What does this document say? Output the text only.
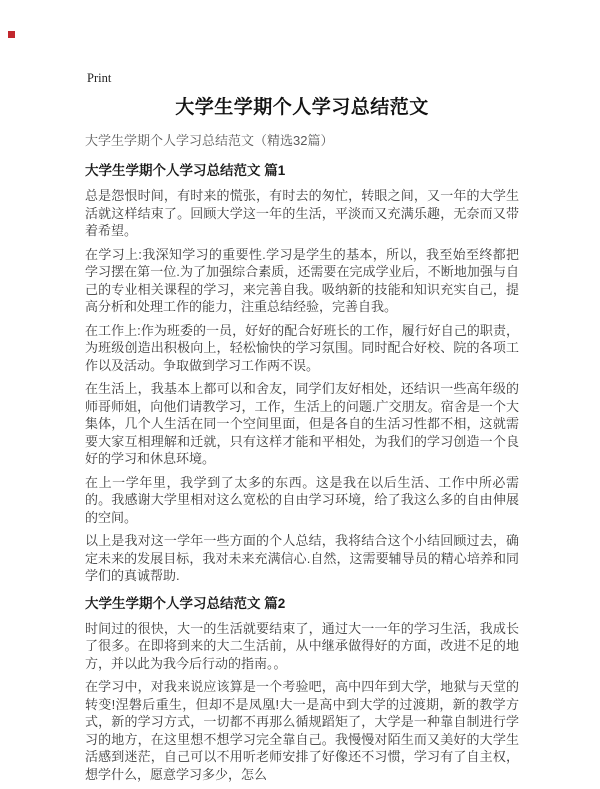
Print
大学生学期个人学习总结范文
大学生学期个人学习总结范文（精选32篇）
大学生学期个人学习总结范文 篇1

总是怨恨时间，有时来的慌张，有时去的匆忙，转眼之间，又一年的大学生活就这样结束了。回顾大学这一年的生活，平淡而又充满乐趣，无奈而又带着希望。

在学习上:我深知学习的重要性.学习是学生的基本，所以，我至始至终都把学习摆在第一位.为了加强综合素质，还需要在完成学业后，不断地加强与自己的专业相关课程的学习，来完善自我。吸纳新的技能和知识充实自己，提高分析和处理工作的能力，注重总结经验，完善自我。

在工作上:作为班委的一员，好好的配合好班长的工作，履行好自己的职责，为班级创造出积极向上，轻松愉快的学习氛围。同时配合好校、院的各项工作以及活动。争取做到学习工作两不误。

在生活上，我基本上都可以和舍友，同学们友好相处，还结识一些高年级的师哥师姐，向他们请教学习，工作，生活上的问题.广交朋友。宿舍是一个大集体，几个人生活在同一个空间里面，但是各自的生活习性都不相，这就需要大家互相理解和迁就，只有这样才能和平相处，为我们的学习创造一个良好的学习和休息环境。

在上一学年里，我学到了太多的东西。这是我在以后生活、工作中所必需的。我感谢大学里相对这么宽松的自由学习环境，给了我这么多的自由伸展的空间。

以上是我对这一学年一些方面的个人总结，我将结合这个小结回顾过去，确定未来的发展目标，我对未来充满信心.自然，这需要辅导员的精心培养和同学们的真诚帮助.

大学生学期个人学习总结范文 篇2

时间过的很快，大一的生活就要结束了，通过大一一年的学习生活，我成长了很多。在即将到来的大二生活前，从中继承做得好的方面，改进不足的地方，并以此为我今后行动的指南。。

在学习中，对我来说应该算是一个考验吧，高中四年到大学，地狱与天堂的转变!涅磐后重生，但却不是凤凰!大一是高中到大学的过渡期，新的教学方式，新的学习方式，一切都不再那么循规蹈矩了，大学是一种靠自制进行学习的地方，在这里想不想学习完全靠自己。我慢慢对陌生而又美好的大学生活感到迷茫，自己可以不用听老师安排了好像还不习惯，学习有了自主权，想学什么，愿意学习多少，怎么
